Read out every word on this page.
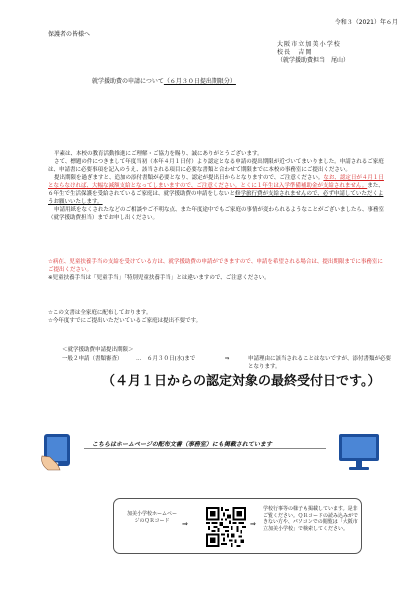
令和３（2021）年６月
保護者の皆様へ
大阪市立加美小学校
校長　吉岡
（就学援助費担当　尾山）
就学援助費の申請について（６月３０日提出期限分）

平素は、本校の教育活動推進にご理解・ご協力を賜り、誠にありがとうございます。

さて、標題の件につきまして年度当初（本年４月１日付）より認定となる申請の提出期限が近づいてまいりました。申請されるご家庭は、申請書に必要事項を記入のうえ、該当される項目に必要な書類と合わせて期限までに本校の事務室にご提出ください。

提出期限を過ぎますと、追加の添付書類が必要となり、認定が提出日からとなりますので、ご注意ください。なお、認定日が４月１日とならなければ、大幅な減額支給となってしまいますので、ご注意ください。とくに１年生は入学準備補助金が支給されません。また、６年生で生活保護を受給されているご家庭は、就学援助費の申請をしないと修学旅行費が支給されませんので、必ず申請していただくようお願いいたします。

申請用紙をなくされたなどのご相談やご不明な点、また年度途中でもご家庭の事情が変わられるようなことがございましたら、事務室（就学援助費担当）までお申し出ください。

☆病在、児童扶養手当の支給を受けている方は、就学援助費の申請ができますので、申請を希望される場合は、提出期限までに事務室にご提出ください。
※児童扶養手当は「児童手当」「特別児童扶養手当」とは違いますので、ご注意ください。
☆この文書は全家庭に配布しております。
☆今年度すでにご提出いただいているご家庭は提出不要です。
＜就学援助費申請提出期限＞
一般２申請（書類審査）	…　６月３０日(水)まで	⇒	申請理由に該当されることはないですが、添付書類が必要となります。
（４月１日からの認定対象の最終受付日です。）
こちらはホームページの配布文書（事務室）にも掲載されています
加美小学校ホームページのＱＲコード	⇒	⇒
学校行事等の様子も掲載しています。是非ご覧ください。ＱＲコードの読み込みができない方や、パソコンでの閲覧は「大阪市立加美小学校」で検索してください。
